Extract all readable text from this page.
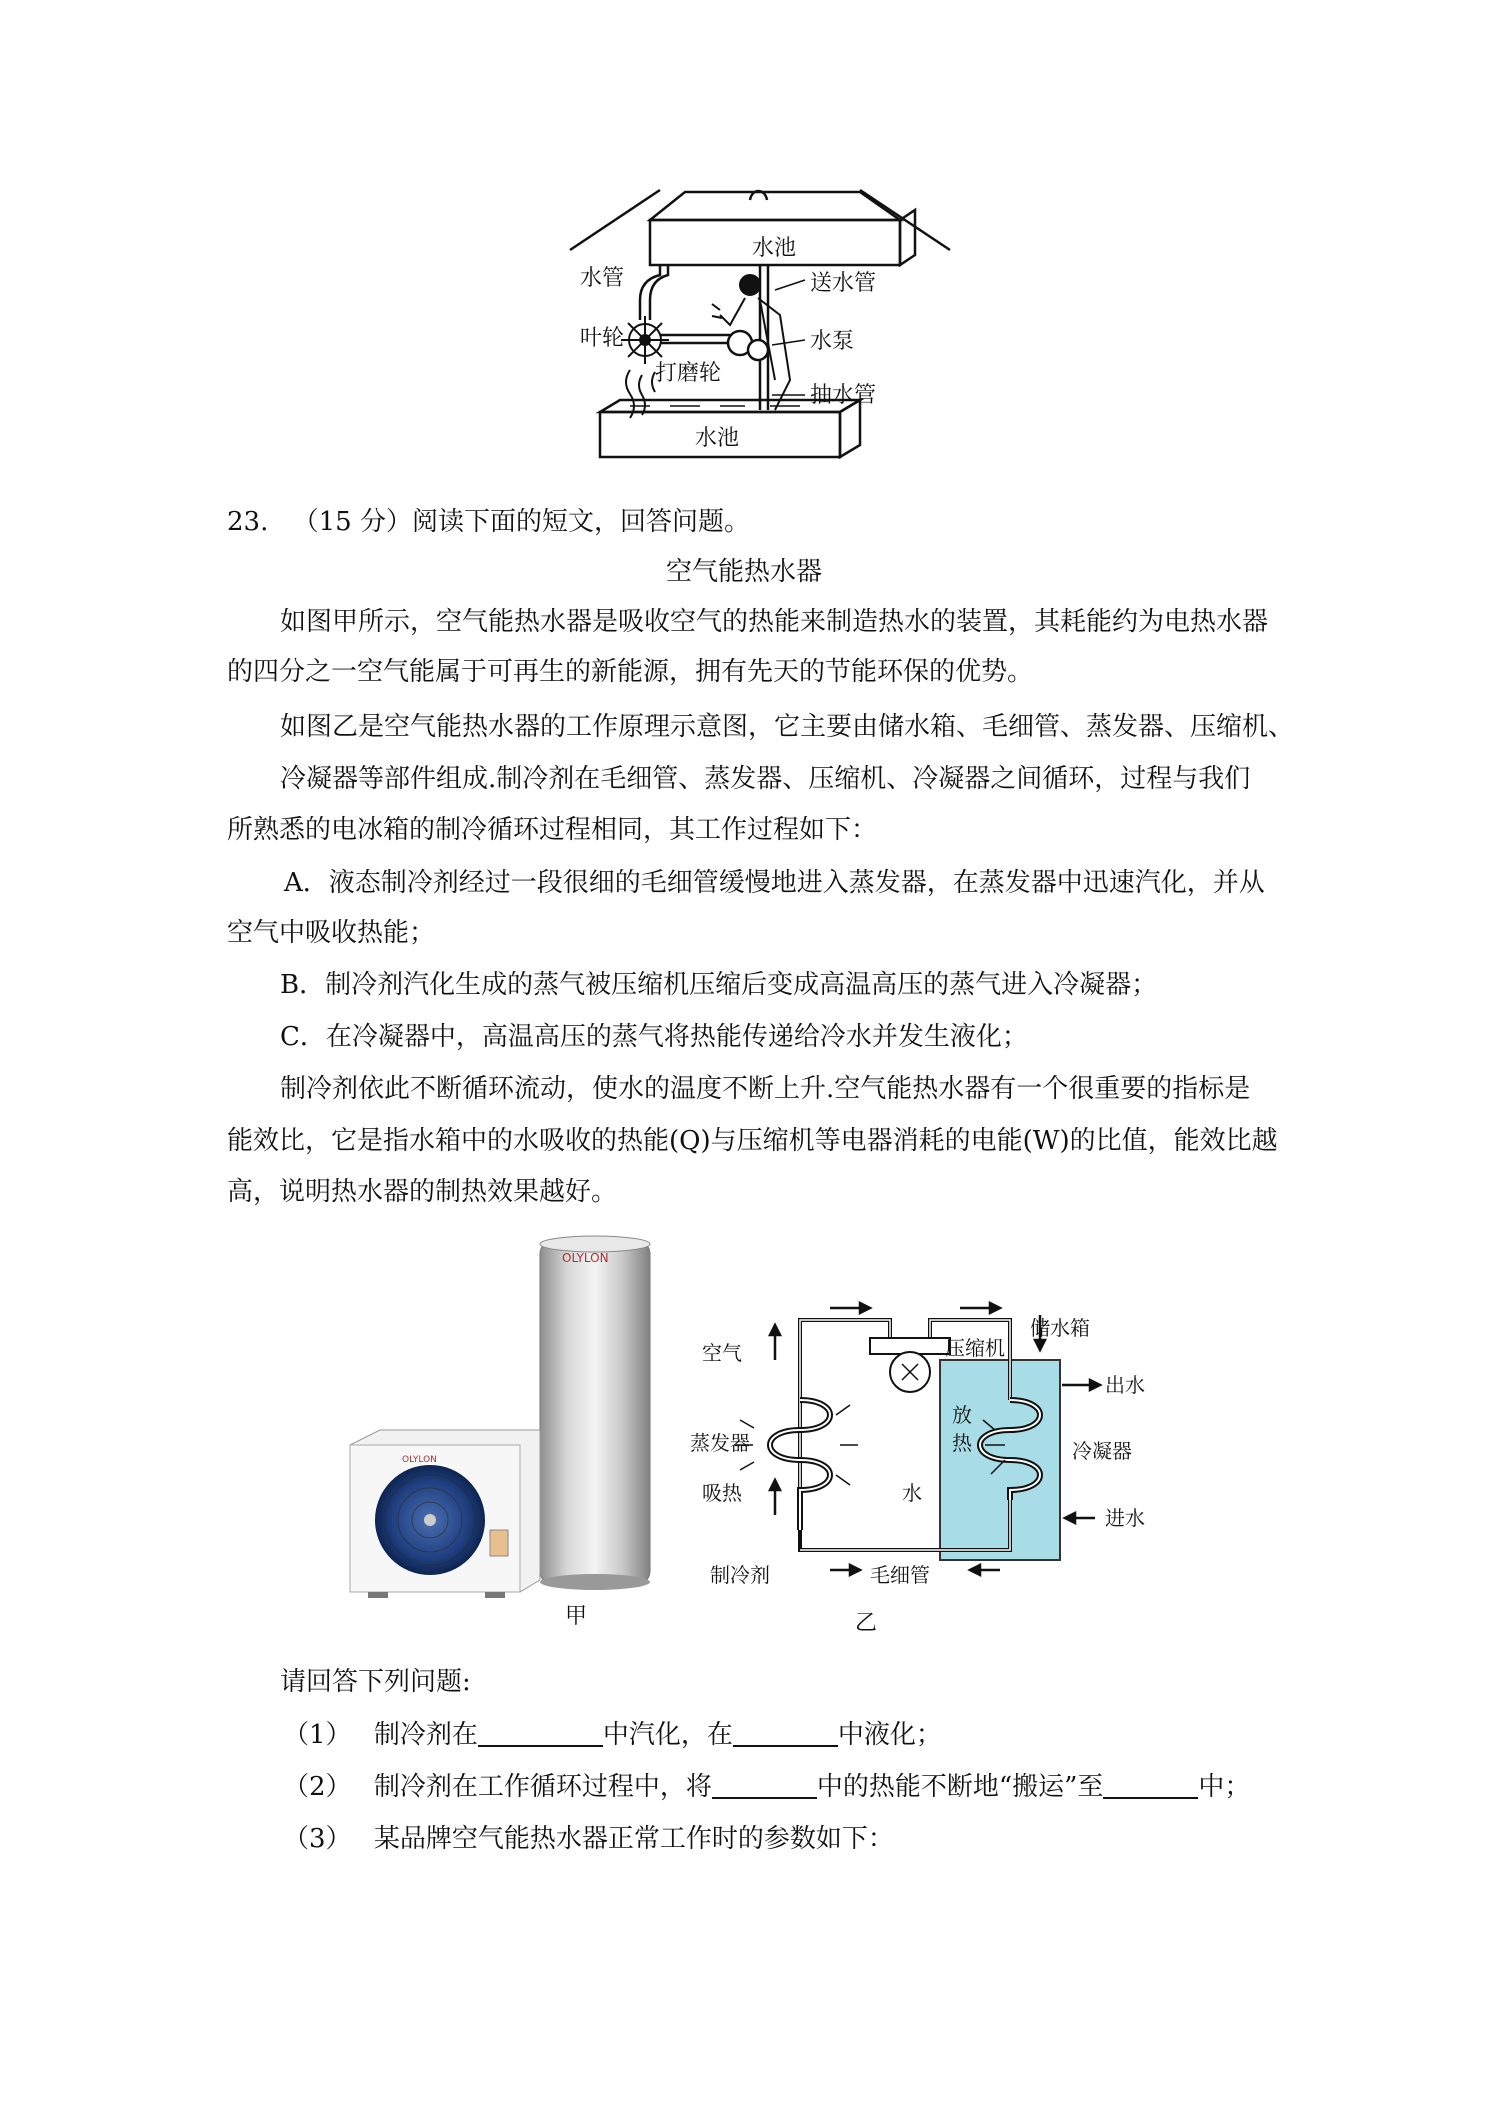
水池
水池
水管
叶轮
打磨轮
送水管
水泵
抽水管
23. （15 分）阅读下面的短文，回答问题。
空气能热水器
如图甲所示，空气能热水器是吸收空气的热能来制造热水的装置，其耗能约为电热水器
的四分之一空气能属于可再生的新能源，拥有先天的节能环保的优势。
如图乙是空气能热水器的工作原理示意图，它主要由储水箱、毛细管、蒸发器、压缩机、
冷凝器等部件组成.制冷剂在毛细管、蒸发器、压缩机、冷凝器之间循环，过程与我们
所熟悉的电冰箱的制冷循环过程相同，其工作过程如下：
A．液态制冷剂经过一段很细的毛细管缓慢地进入蒸发器，在蒸发器中迅速汽化，并从
空气中吸收热能；
B．制冷剂汽化生成的蒸气被压缩机压缩后变成高温高压的蒸气进入冷凝器；
C．在冷凝器中，高温高压的蒸气将热能传递给冷水并发生液化；
制冷剂依此不断循环流动，使水的温度不断上升.空气能热水器有一个很重要的指标是
能效比，它是指水箱中的水吸收的热能(Q)与压缩机等电器消耗的电能(W)的比值，能效比越
高，说明热水器的制热效果越好。
OLYLON
OLYLON
甲
空气	压缩机
储水箱
出水
蒸发器
放
热	冷凝器
吸热	水
进水
制冷剂	毛细管
乙
请回答下列问题:
（1） 制冷剂在	中汽化，在	中液化；
（2） 制冷剂在工作循环过程中，将	中的热能不断地“搬运”至	中；
（3） 某品牌空气能热水器正常工作时的参数如下：
